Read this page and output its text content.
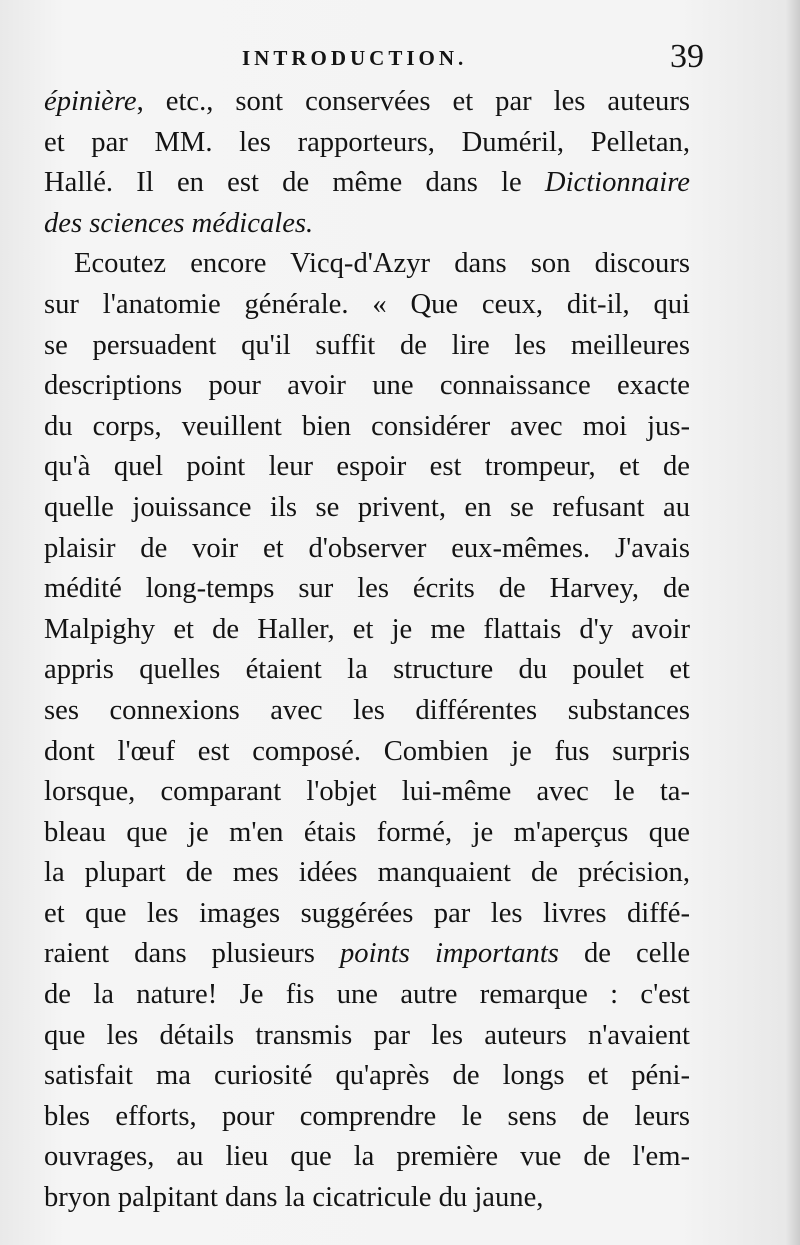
INTRODUCTION.	39
épinière, etc., sont conservées et par les auteurs
et par MM. les rapporteurs, Duméril, Pelletan,
Hallé. Il en est de même dans le Dictionnaire
des sciences médicales.
Ecoutez encore Vicq-d'Azyr dans son discours
sur l'anatomie générale. « Que ceux, dit-il, qui
se persuadent qu'il suffit de lire les meilleures
descriptions pour avoir une connaissance exacte
du corps, veuillent bien considérer avec moi jus-
qu'à quel point leur espoir est trompeur, et de
quelle jouissance ils se privent, en se refusant au
plaisir de voir et d'observer eux-mêmes. J'avais
médité long-temps sur les écrits de Harvey, de
Malpighy et de Haller, et je me flattais d'y avoir
appris quelles étaient la structure du poulet et
ses connexions avec les différentes substances
dont l'œuf est composé. Combien je fus surpris
lorsque, comparant l'objet lui-même avec le ta-
bleau que je m'en étais formé, je m'aperçus que
la plupart de mes idées manquaient de précision,
et que les images suggérées par les livres diffé-
raient dans plusieurs points importants de celle
de la nature! Je fis une autre remarque : c'est
que les détails transmis par les auteurs n'avaient
satisfait ma curiosité qu'après de longs et péni-
bles efforts, pour comprendre le sens de leurs
ouvrages, au lieu que la première vue de l'em-
bryon palpitant dans la cicatricule du jaune,
